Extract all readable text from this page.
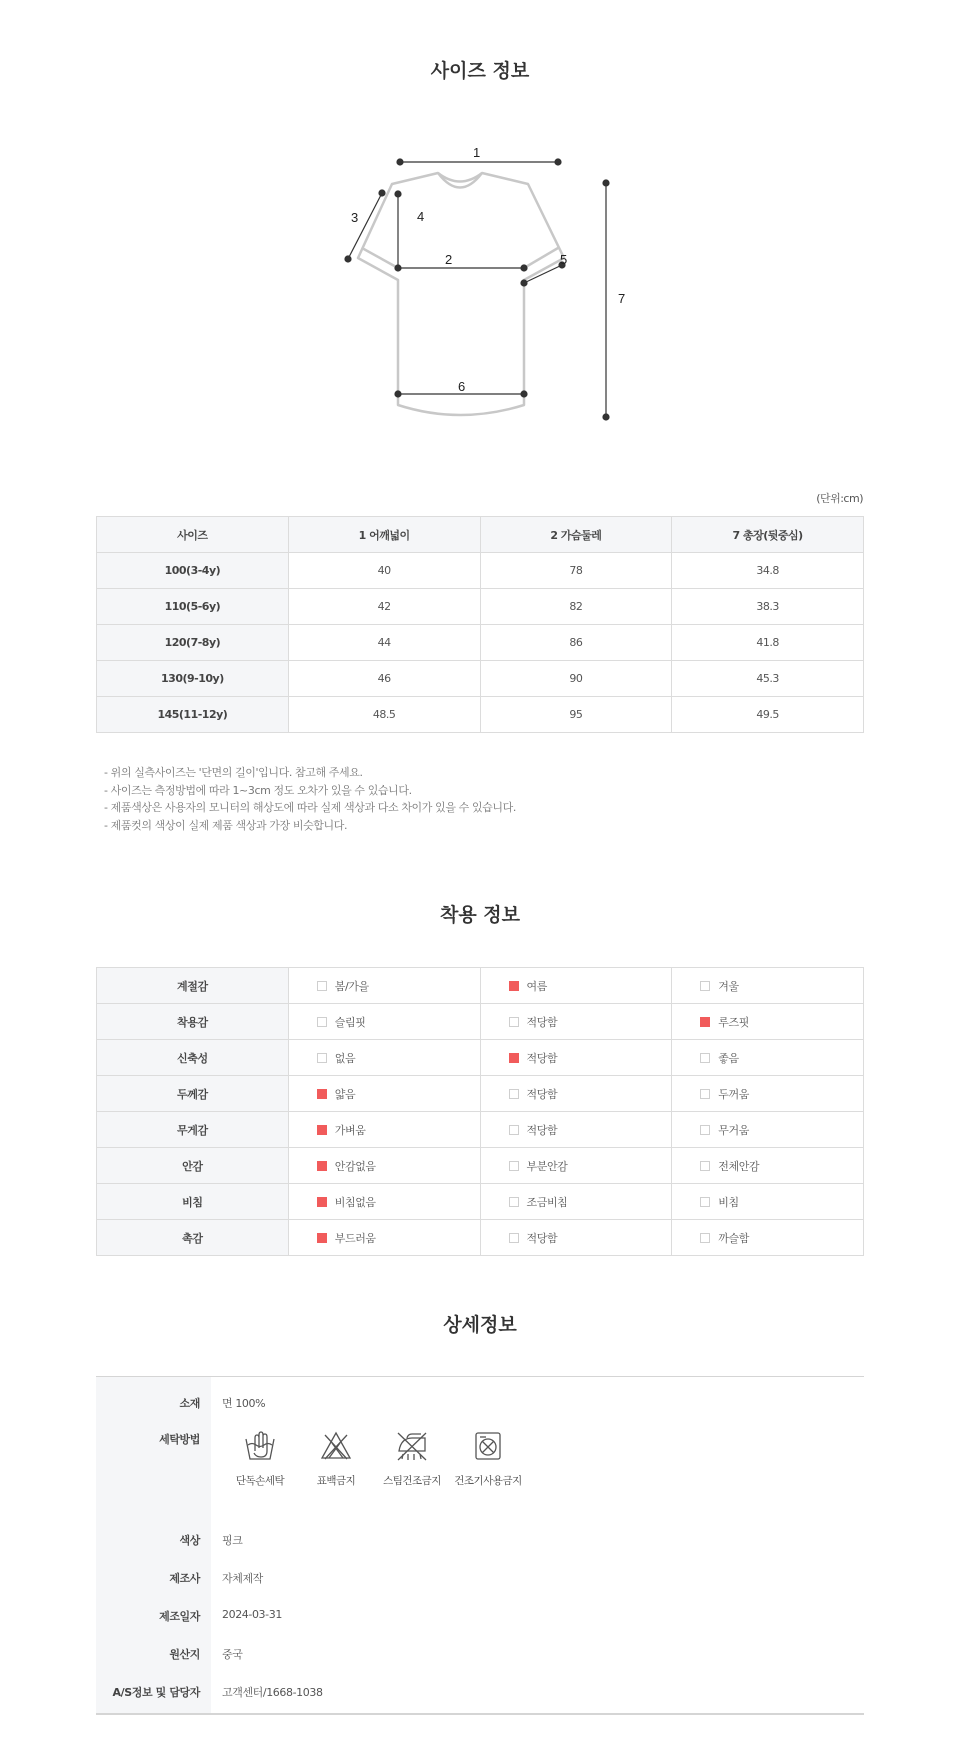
사이즈 정보
1
2
3	4
5
6
7
(단위:cm)
사이즈	1 어깨넓이	2 가슴둘레	7 총장(뒷중심)
100(3-4y)	40	78	34.8
110(5-6y)	42	82	38.3
120(7-8y)	44	86	41.8
130(9-10y)	46	90	45.3
145(11-12y)	48.5	95	49.5
- 위의 실측사이즈는 '단면의 길이'입니다. 참고해 주세요.
- 사이즈는 측정방법에 따라 1~3cm 정도 오차가 있을 수 있습니다.
- 제품색상은 사용자의 모니터의 해상도에 따라 실제 색상과 다소 차이가 있을 수 있습니다.
- 제품컷의 색상이 실제 제품 색상과 가장 비슷합니다.
착용 정보
계절감	봄/가을	여름	겨울
착용감	슬림핏	적당함	루즈핏
신축성	없음	적당함	좋음
두께감	얇음	적당함	두꺼움
무게감	가벼움	적당함	무거움
안감	안감없음	부분안감	전체안감
비침	비침없음	조금비침	비침
촉감	부드러움	적당함	까슬함
상세정보
소재 면 100%
세탁방법
단독손세탁	표백금지	스팀건조금지	건조기사용금지
색상 핑크
제조사 자체제작
제조일자 2024-03-31
원산지 중국
A/S정보 및 담당자 고객센터/1668-1038
